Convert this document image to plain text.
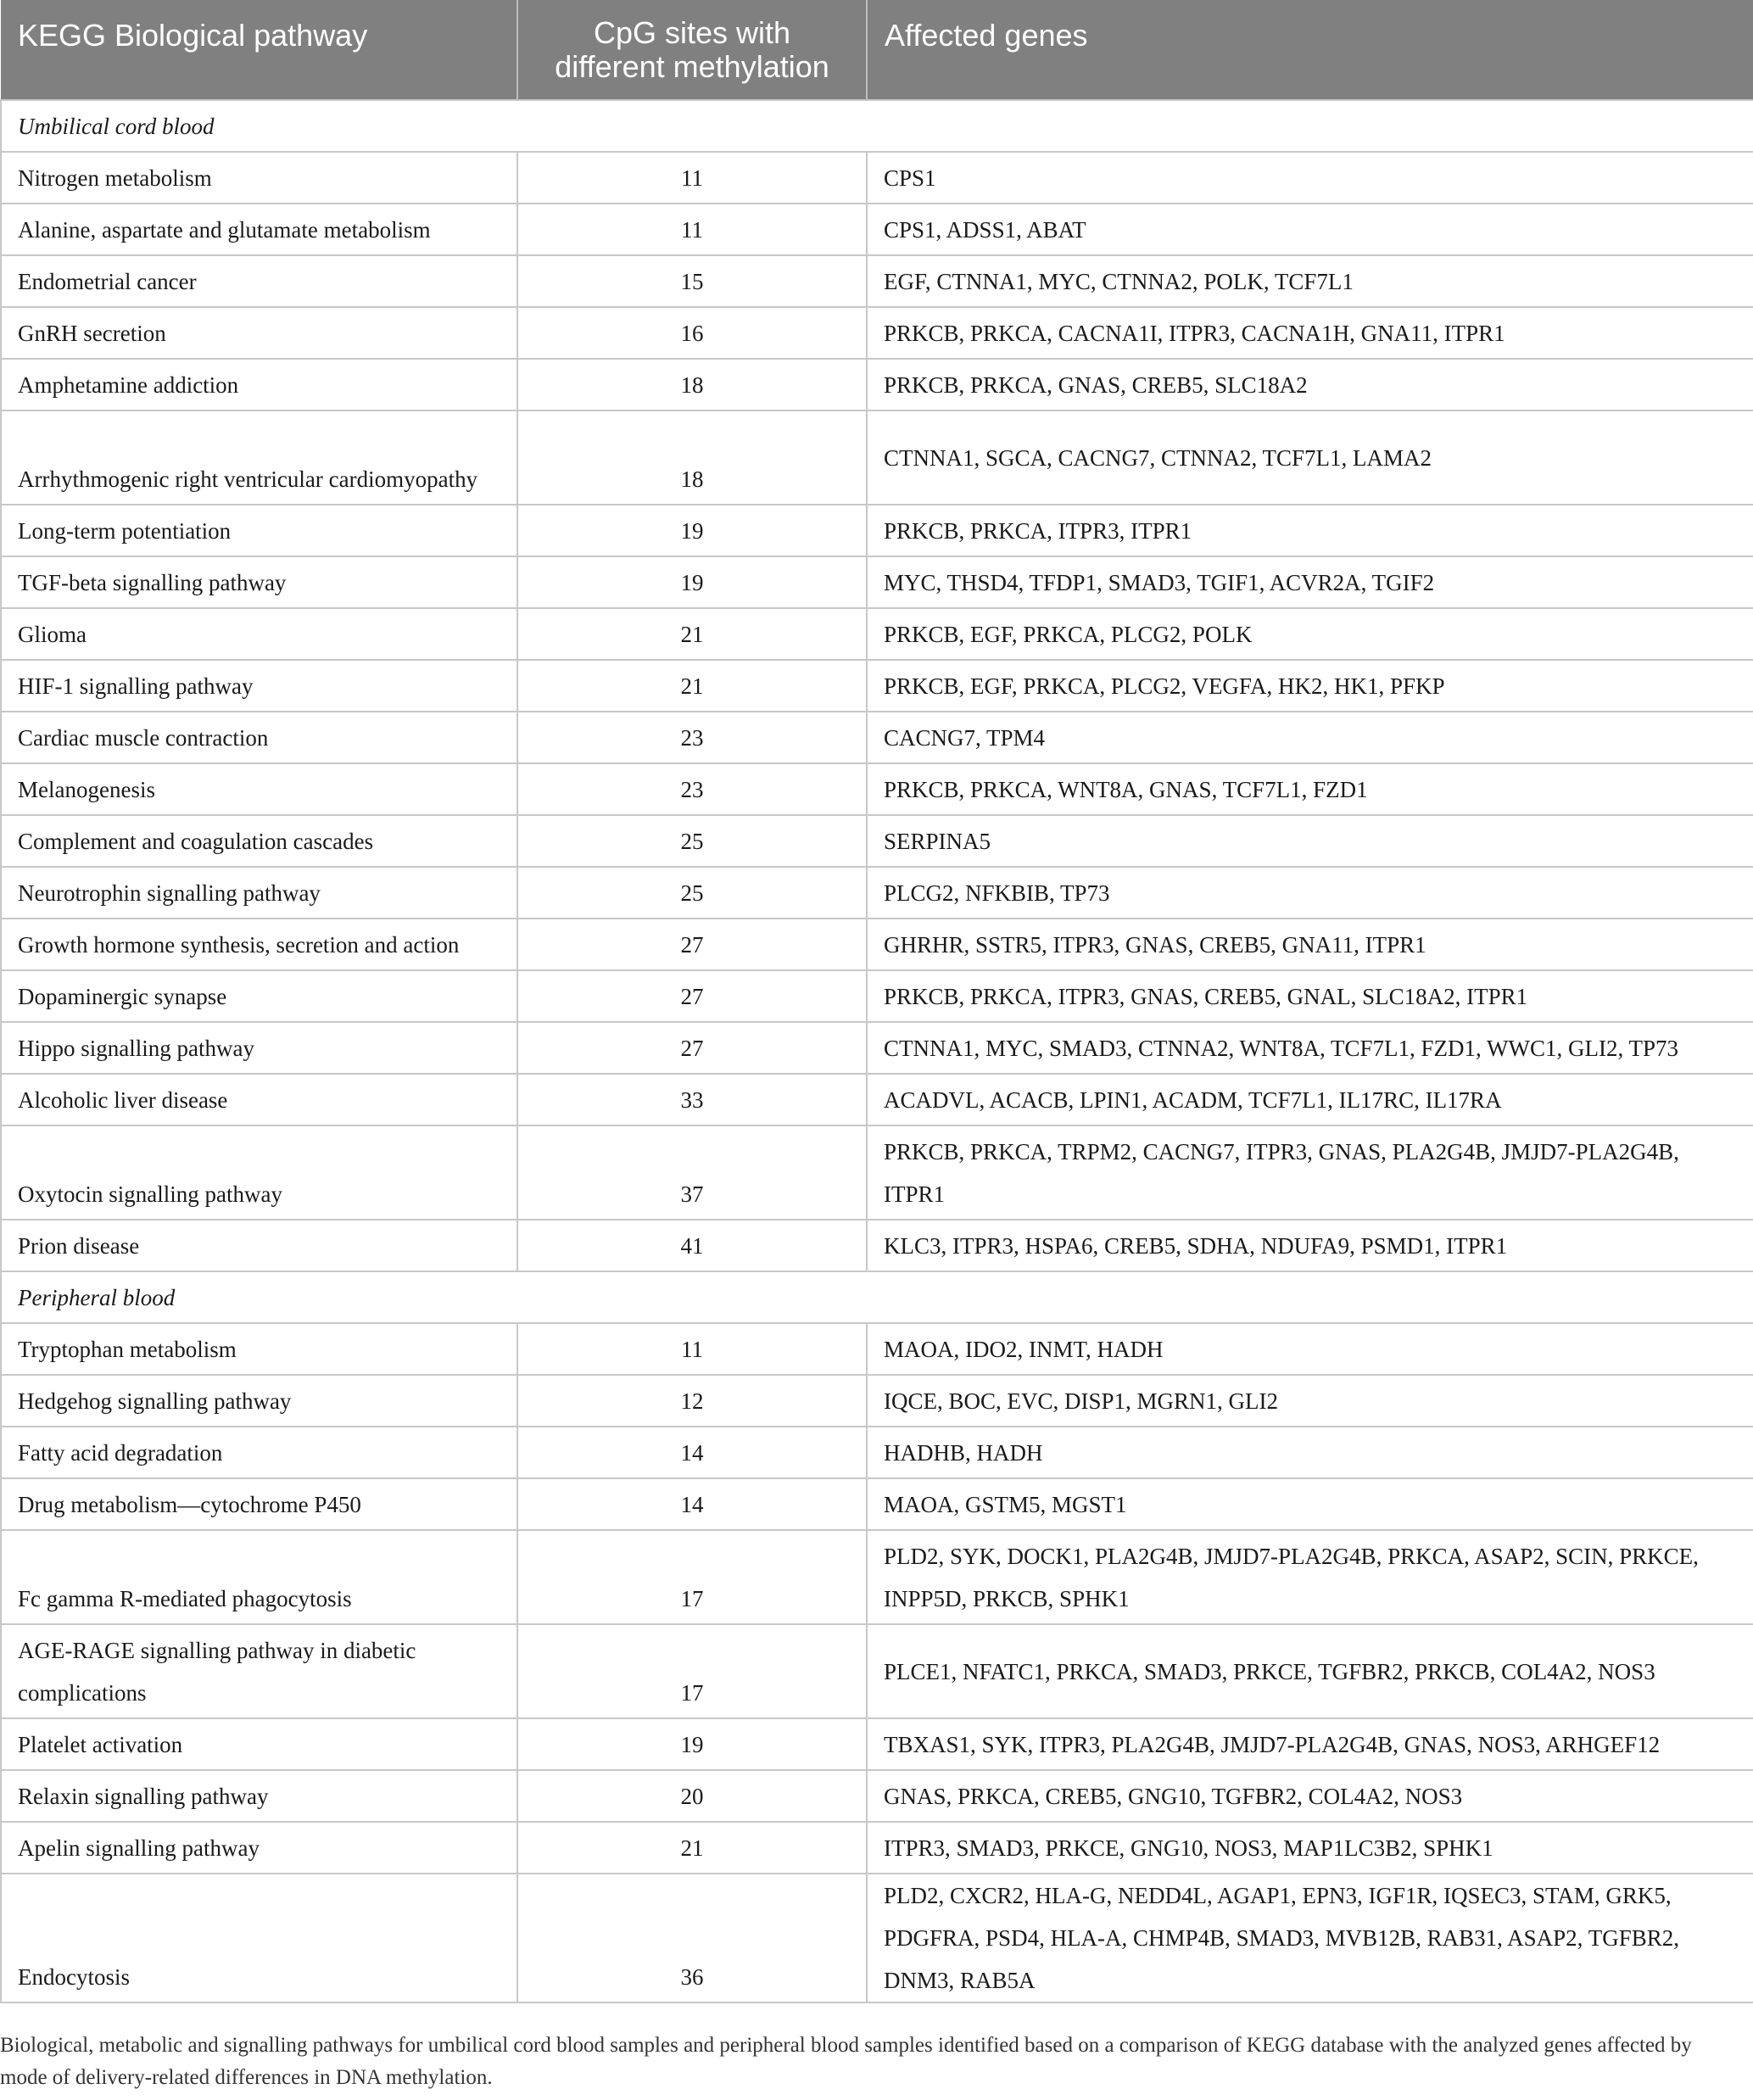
KEGG Biological pathway	CpG sites with different methylation	Affected genes
Umbilical cord blood		
Nitrogen metabolism	11	CPS1
Alanine, aspartate and glutamate metabolism	11	CPS1, ADSS1, ABAT
Endometrial cancer	15	EGF, CTNNA1, MYC, CTNNA2, POLK, TCF7L1
GnRH secretion	16	PRKCB, PRKCA, CACNA1I, ITPR3, CACNA1H, GNA11, ITPR1
Amphetamine addiction	18	PRKCB, PRKCA, GNAS, CREB5, SLC18A2
Arrhythmogenic right ventricular cardiomyopathy	18	CTNNA1, SGCA, CACNG7, CTNNA2, TCF7L1, LAMA2
Long-term potentiation	19	PRKCB, PRKCA, ITPR3, ITPR1
TGF-beta signalling pathway	19	MYC, THSD4, TFDP1, SMAD3, TGIF1, ACVR2A, TGIF2
Glioma	21	PRKCB, EGF, PRKCA, PLCG2, POLK
HIF-1 signalling pathway	21	PRKCB, EGF, PRKCA, PLCG2, VEGFA, HK2, HK1, PFKP
Cardiac muscle contraction	23	CACNG7, TPM4
Melanogenesis	23	PRKCB, PRKCA, WNT8A, GNAS, TCF7L1, FZD1
Complement and coagulation cascades	25	SERPINA5
Neurotrophin signalling pathway	25	PLCG2, NFKBIB, TP73
Growth hormone synthesis, secretion and action	27	GHRHR, SSTR5, ITPR3, GNAS, CREB5, GNA11, ITPR1
Dopaminergic synapse	27	PRKCB, PRKCA, ITPR3, GNAS, CREB5, GNAL, SLC18A2, ITPR1
Hippo signalling pathway	27	CTNNA1, MYC, SMAD3, CTNNA2, WNT8A, TCF7L1, FZD1, WWC1, GLI2, TP73
Alcoholic liver disease	33	ACADVL, ACACB, LPIN1, ACADM, TCF7L1, IL17RC, IL17RA
Oxytocin signalling pathway	37	PRKCB, PRKCA, TRPM2, CACNG7, ITPR3, GNAS, PLA2G4B, JMJD7-PLA2G4B, ITPR1
Prion disease	41	KLC3, ITPR3, HSPA6, CREB5, SDHA, NDUFA9, PSMD1, ITPR1
Peripheral blood		
Tryptophan metabolism	11	MAOA, IDO2, INMT, HADH
Hedgehog signalling pathway	12	IQCE, BOC, EVC, DISP1, MGRN1, GLI2
Fatty acid degradation	14	HADHB, HADH
Drug metabolism—cytochrome P450	14	MAOA, GSTM5, MGST1
Fc gamma R-mediated phagocytosis	17	PLD2, SYK, DOCK1, PLA2G4B, JMJD7-PLA2G4B, PRKCA, ASAP2, SCIN, PRKCE, INPP5D, PRKCB, SPHK1
AGE-RAGE signalling pathway in diabetic complications	17	PLCE1, NFATC1, PRKCA, SMAD3, PRKCE, TGFBR2, PRKCB, COL4A2, NOS3
Platelet activation	19	TBXAS1, SYK, ITPR3, PLA2G4B, JMJD7-PLA2G4B, GNAS, NOS3, ARHGEF12
Relaxin signalling pathway	20	GNAS, PRKCA, CREB5, GNG10, TGFBR2, COL4A2, NOS3
Apelin signalling pathway	21	ITPR3, SMAD3, PRKCE, GNG10, NOS3, MAP1LC3B2, SPHK1
Endocytosis	36	PLD2, CXCR2, HLA-G, NEDD4L, AGAP1, EPN3, IGF1R, IQSEC3, STAM, GRK5, PDGFRA, PSD4, HLA-A, CHMP4B, SMAD3, MVB12B, RAB31, ASAP2, TGFBR2, DNM3, RAB5A

Biological, metabolic and signalling pathways for umbilical cord blood samples and peripheral blood samples identified based on a comparison of KEGG database with the analyzed genes affected by mode of delivery-related differences in DNA methylation.
